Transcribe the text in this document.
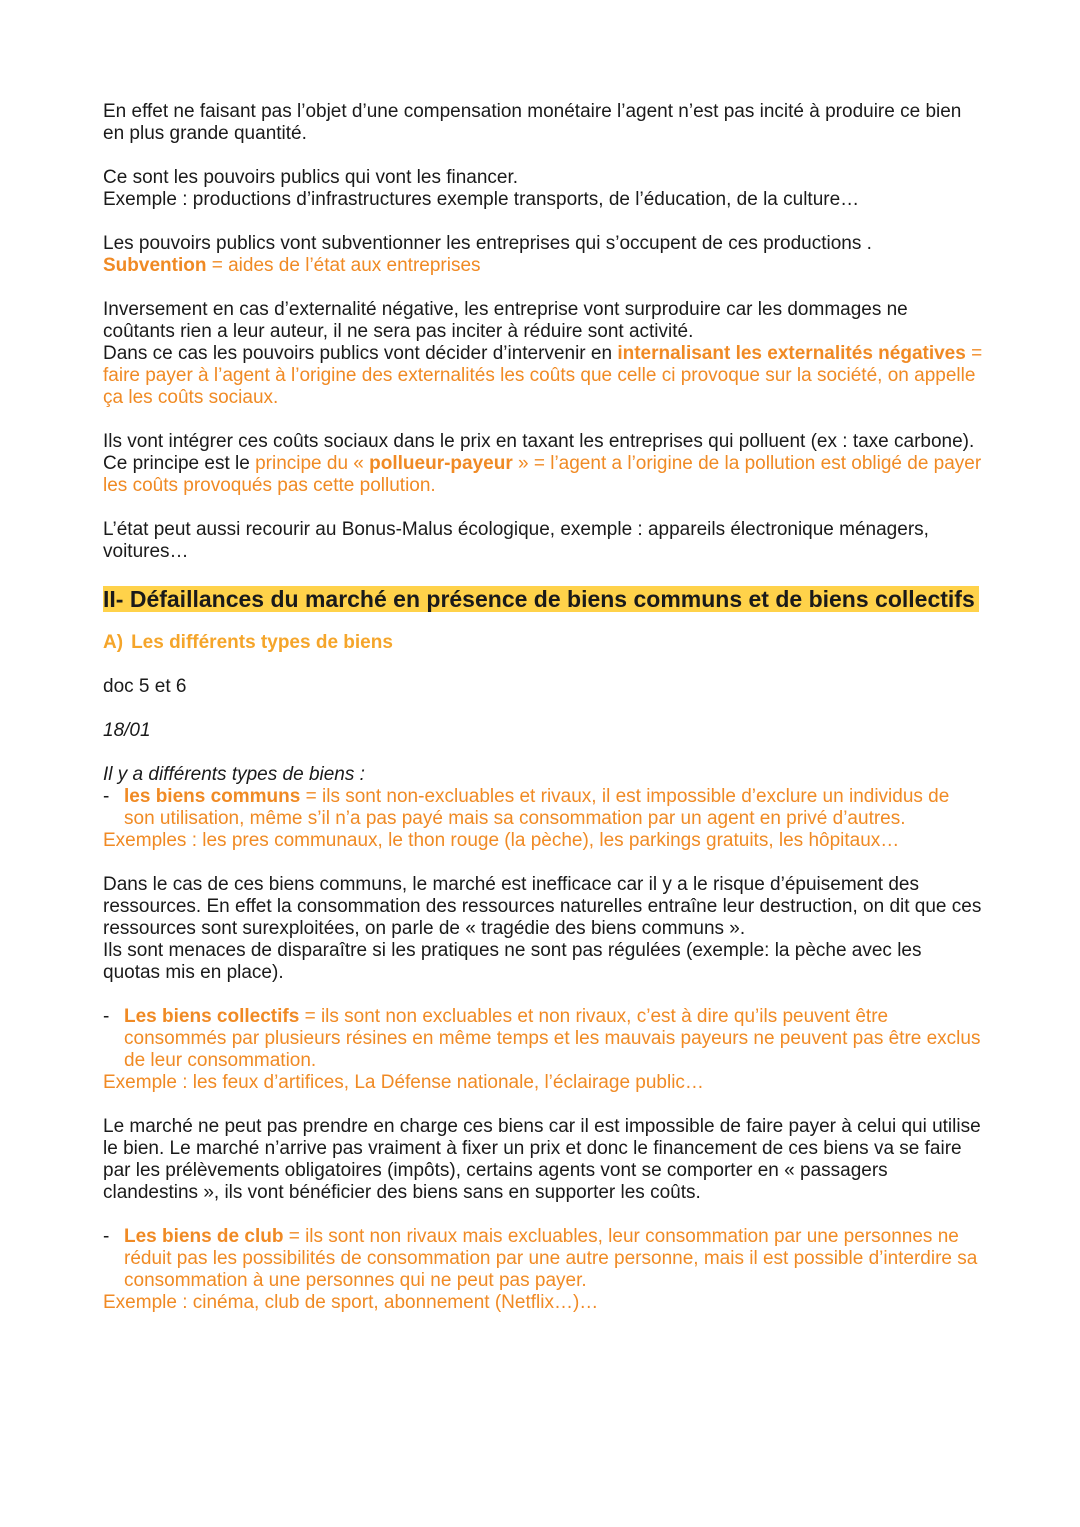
En effet ne faisant pas l’objet d’une compensation monétaire l’agent n’est pas incité à produire ce bien en plus grande quantité.

Ce sont les pouvoirs publics qui vont les financer.

Exemple : productions d’infrastructures exemple transports, de l’éducation, de la culture…

Les pouvoirs publics vont subventionner les entreprises qui s’occupent de ces productions .

Subvention = aides de l’état aux entreprises

Inversement en cas d’externalité négative, les entreprise vont surproduire car les dommages ne coûtants rien a leur auteur, il ne sera pas inciter à réduire sont activité.

Dans ce cas les pouvoirs publics vont décider d’intervenir en internalisant les externalités négatives = faire payer à l’agent à l’origine des externalités les coûts que celle ci provoque sur la société, on appelle ça les coûts sociaux.

Ils vont intégrer ces coûts sociaux dans le prix en taxant les entreprises qui polluent (ex : taxe carbone).

Ce principe est le principe du « pollueur-payeur » = l’agent a l’origine de la pollution est obligé de payer les coûts provoqués pas cette pollution.

L’état peut aussi recourir au Bonus-Malus écologique, exemple : appareils électronique ménagers, voitures…

II- Défaillances du marché en présence de biens communs et de biens collectifs

A) Les différents types de biens

doc 5 et 6

18/01

Il y a différents types de biens :

- les biens communs = ils sont non-excluables et rivaux, il est impossible d’exclure un individus de son utilisation, même s’il n’a pas payé mais sa consommation par un agent en privé d’autres.

Exemples : les pres communaux, le thon rouge (la pèche), les parkings gratuits, les hôpitaux…

Dans le cas de ces biens communs, le marché est inefficace car il y a le risque d’épuisement des ressources. En effet la consommation des ressources naturelles entraîne leur destruction, on dit que ces ressources sont surexploitées, on parle de « tragédie des biens communs ».

Ils sont menaces de disparaître si les pratiques ne sont pas régulées (exemple: la pèche avec les quotas mis en place).

- Les biens collectifs = ils sont non excluables et non rivaux, c’est à dire qu’ils peuvent être consommés par plusieurs résines en même temps et les mauvais payeurs ne peuvent pas être exclus de leur consommation.

Exemple : les feux d’artifices, La Défense nationale, l’éclairage public…

Le marché ne peut pas prendre en charge ces biens car il est impossible de faire payer à celui qui utilise le bien. Le marché n’arrive pas vraiment à fixer un prix et donc le financement de ces biens va se faire par les prélèvements obligatoires (impôts), certains agents vont se comporter en « passagers clandestins », ils vont bénéficier des biens sans en supporter les coûts.

- Les biens de club = ils sont non rivaux mais excluables, leur consommation par une personnes ne réduit pas les possibilités de consommation par une autre personne, mais il est possible d’interdire sa consommation à une personnes qui ne peut pas payer.

Exemple : cinéma, club de sport, abonnement (Netflix…)…
